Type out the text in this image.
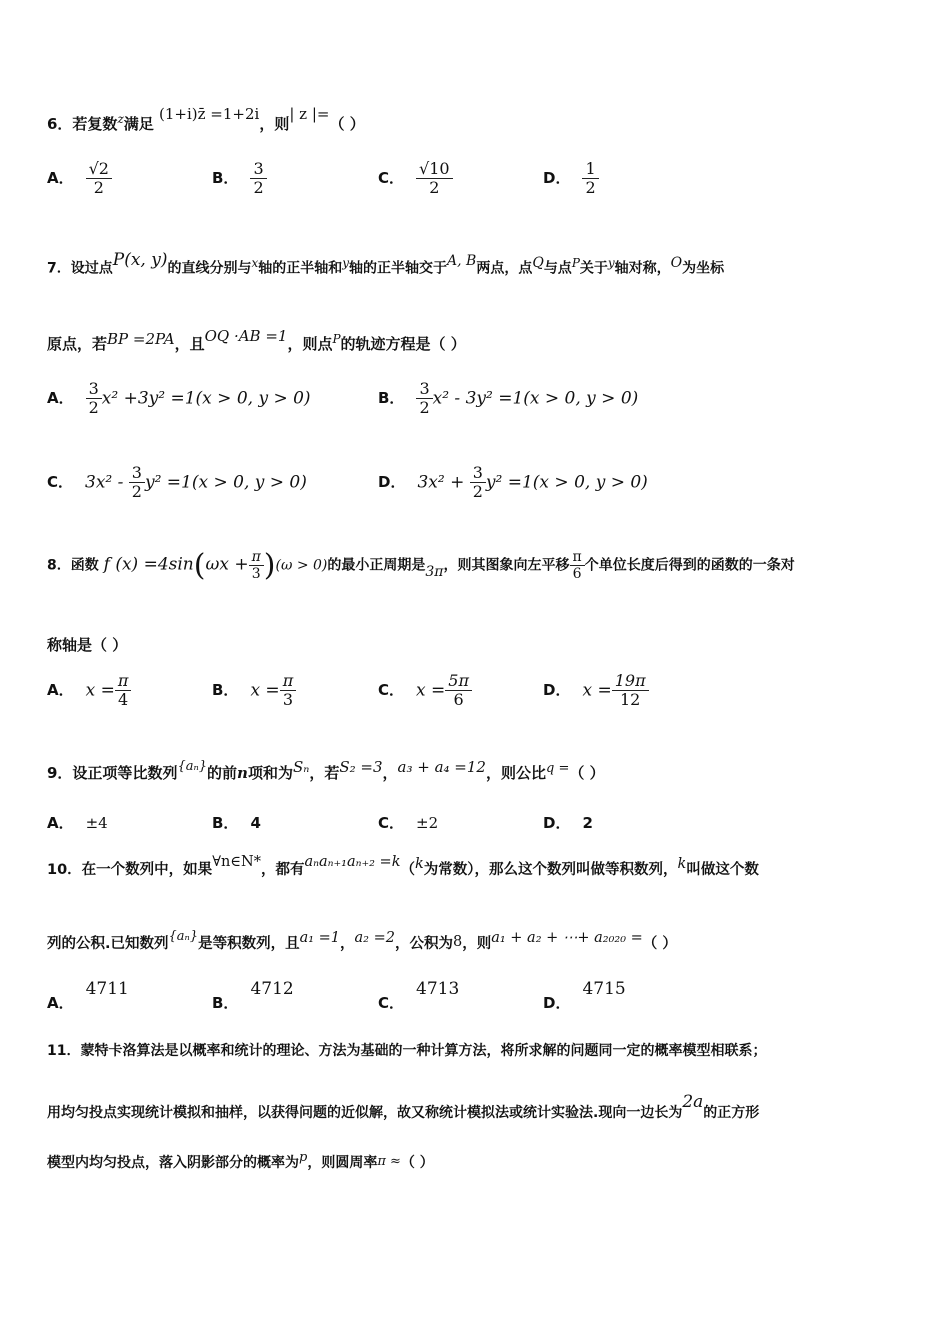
6．若复数$^z$满足 (1+i)z̄ =1+2i，则| z |=（ ）
A． $\frac{√2}{2}$	B． $\frac{3}{2}$	C． $\frac{√10}{2}$	D． $\frac{1}{2}$
7．设过点P(x, y)的直线分别与x轴的正半轴和y轴的正半轴交于A, B两点，点Q与点P关于y轴对称，O为坐标
原点，若BP =2PA，且OQ ·AB =1，则点$^P$的轨迹方程是（ ）
A． $\frac{3}{2} x^2 +3y^2 =1(x > 0$, y > 0)	B． $\frac{3}{2} x^2 - 3y^2 =1(x > 0$, y > 0)
C． $3x^2 - \frac{3}{2} y^2 =1(x > 0$, y > 0)	D． $3x^2 + \frac{3}{2} y^2 =1(x > 0$, y > 0)
8．函数 f $(x) =4\sin(\omega x + \frac{\pi}{3} )(\omega > 0)$的最小正周期是3π，则其图象向左平移 $\frac{\pi}{6}$ 个单位长度后得到的函数的一条对
称轴是（ ）
A． $x = \frac{\pi}{4}$	B． $x = \frac{\pi}{3}$	C． $x = \frac{5\pi}{6}$	D． $x = \frac{19\pi}{12}$
9．设正项等比数列{aₙ}的前n项和为Sₙ，若S₂ =3，a₃ + a₄ =12，则公比q =（ ）
A． ±4	B． 4	C． ±2	D． 2
10．在一个数列中，如果∀n∈N*，都有aₙaₙ₊₁aₙ₊₂ =k（k为常数），那么这个数列叫做等积数列，k叫做这个数
列的公积.已知数列{aₙ}是等积数列，且a₁ =1，a₂ =2，公积为8，则a₁ + a₂ + ⋯+ a₂₀₂₀ =（ ）
A．4711
B．4712
C．4713
D．4715
11．蒙特卡洛算法是以概率和统计的理论、方法为基础的一种计算方法，将所求解的问题同一定的概率模型相联系；
用均匀投点实现统计模拟和抽样，以获得问题的近似解，故又称统计模拟法或统计实验法.现向一边长为2a的正方形
模型内均匀投点，落入阴影部分的概率为p，则圆周率π ≈（ ）
